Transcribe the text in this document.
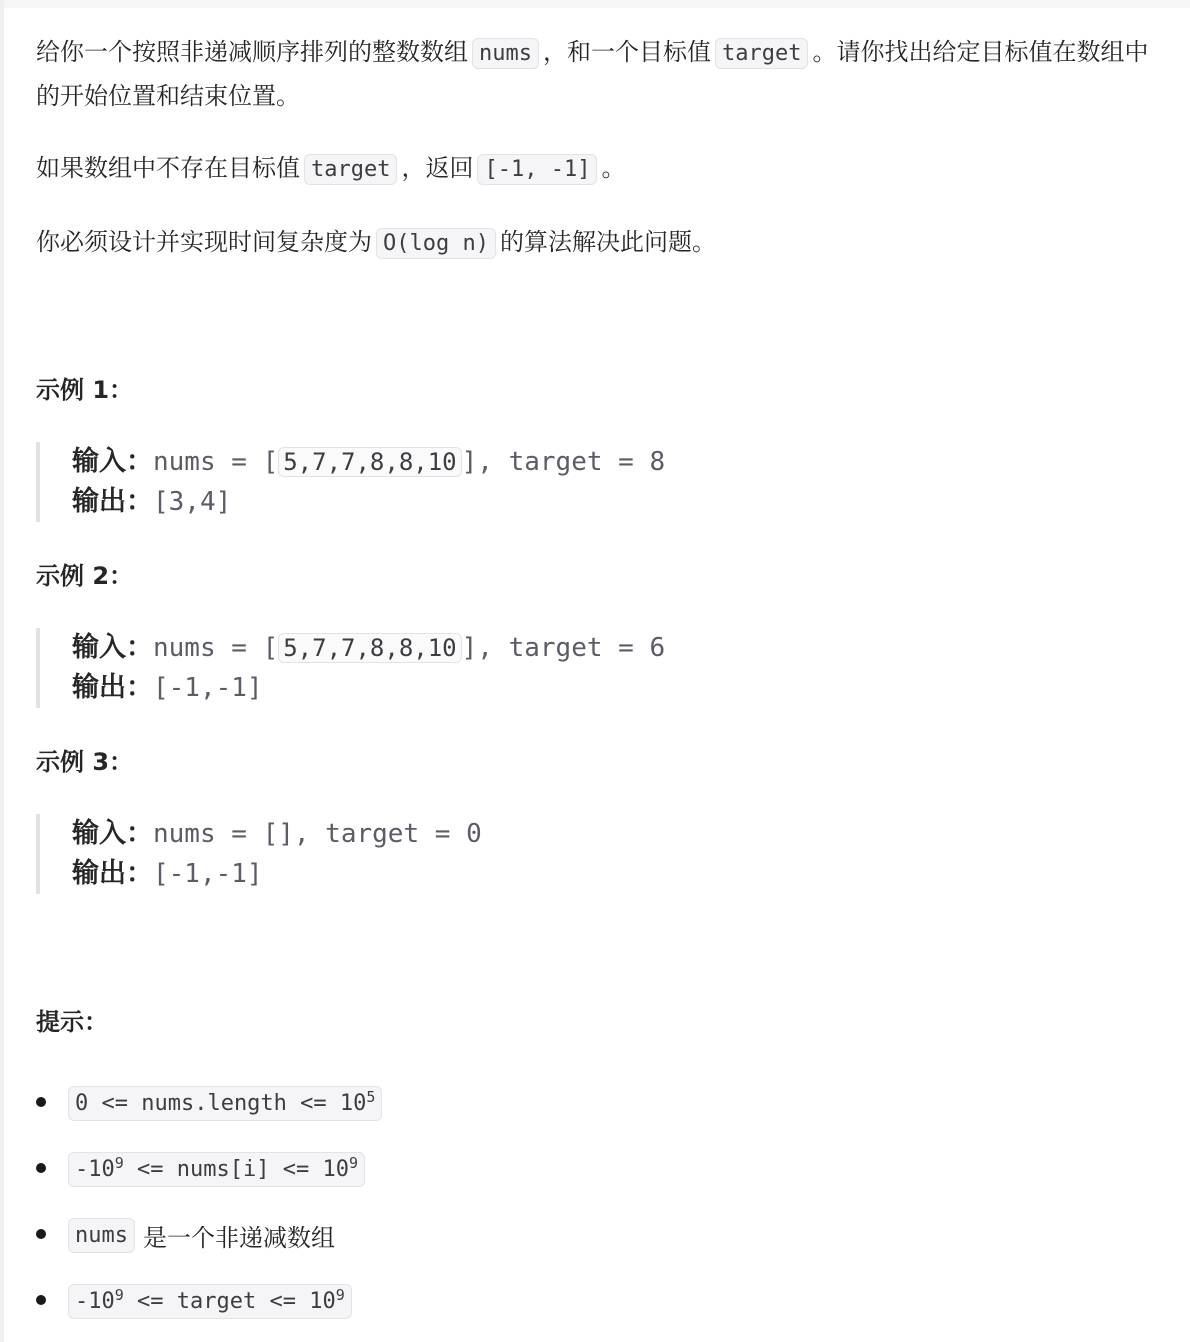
给你一个按照非递减顺序排列的整数数组 nums ，和一个目标值 target 。请你找出给定目标值在数组中的开始位置和结束位置。

如果数组中不存在目标值 target ，返回 [-1, -1] 。

你必须设计并实现时间复杂度为 O(log n) 的算法解决此问题。

示例 1：
输入：nums = [ 5,7,7,8,8,10 ], target = 8
输出：[3,4]
示例 2：
输入：nums = [ 5,7,7,8,8,10 ], target = 6
输出：[-1,-1]
示例 3：
输入：nums = [], target = 0
输出：[-1,-1]
提示：
0 <= nums.length <= $10^5$
$-10^9$ <= nums[i] <= $10^9$
nums 是一个非递减数组
$-10^9$ <= target <= $10^9$
